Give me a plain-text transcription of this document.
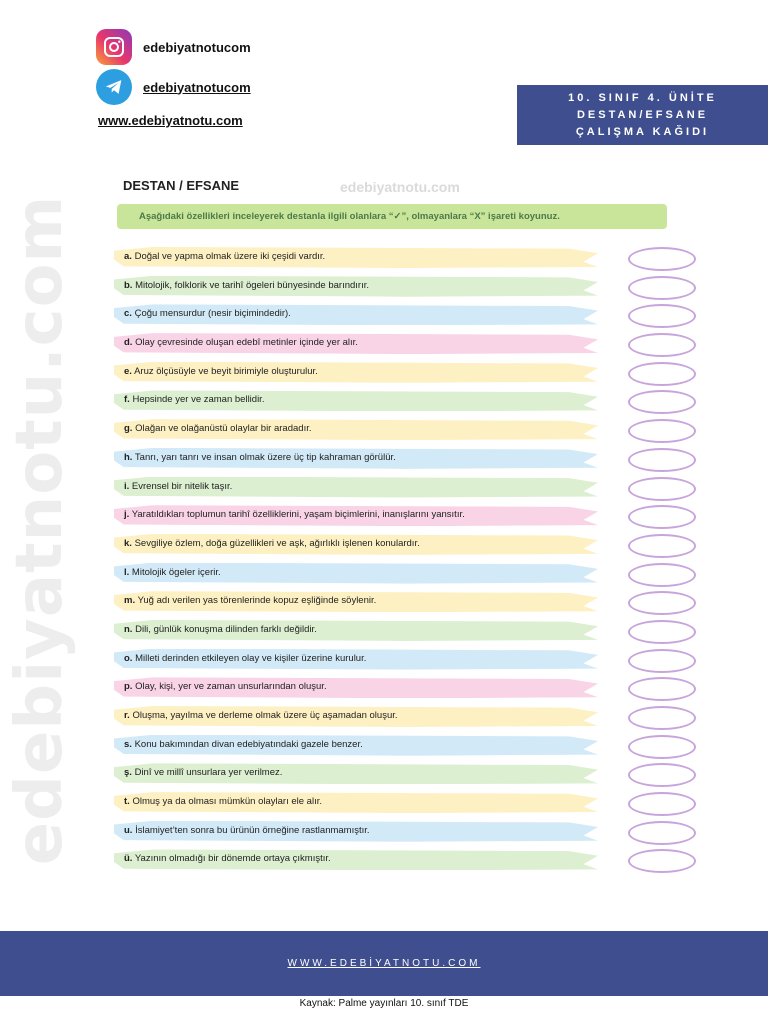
edebiyatnotu.com
edebiyatnotucom
edebiyatnotucom
www.edebiyatnotu.com
10. SINIF 4. ÜNİTE
DESTAN/EFSANE
ÇALIŞMA KAĞIDI
DESTAN / EFSANE	edebiyatnotu.com
Aşağıdaki özellikleri inceleyerek destanla ilgili olanlara “✓”, olmayanlara “X” işareti koyunuz.
a. Doğal ve yapma olmak üzere iki çeşidi vardır.
b. Mitolojik, folklorik ve tarihî ögeleri bünyesinde barındırır.
c. Çoğu mensurdur (nesir biçimindedir).
d. Olay çevresinde oluşan edebî metinler içinde yer alır.
e. Aruz ölçüsüyle ve beyit birimiyle oluşturulur.
f. Hepsinde yer ve zaman bellidir.
g. Olağan ve olağanüstü olaylar bir aradadır.
h. Tanrı, yarı tanrı ve insan olmak üzere üç tip kahraman görülür.
i. Evrensel bir nitelik taşır.
j. Yaratıldıkları toplumun tarihî özelliklerini, yaşam biçimlerini, inanışlarını yansıtır.
k. Sevgiliye özlem, doğa güzellikleri ve aşk, ağırlıklı işlenen konulardır.
l. Mitolojik ögeler içerir.
m. Yuğ adı verilen yas törenlerinde kopuz eşliğinde söylenir.
n. Dili, günlük konuşma dilinden farklı değildir.
o. Milleti derinden etkileyen olay ve kişiler üzerine kurulur.
p. Olay, kişi, yer ve zaman unsurlarından oluşur.
r. Oluşma, yayılma ve derleme olmak üzere üç aşamadan oluşur.
s. Konu bakımından divan edebiyatındaki gazele benzer.
ş. Dinî ve millî unsurlara yer verilmez.
t. Olmuş ya da olması mümkün olayları ele alır.
u. İslamiyet’ten sonra bu ürünün örneğine rastlanmamıştır.
ü. Yazının olmadığı bir dönemde ortaya çıkmıştır.
WWW.EDEBİYATNOTU.COM
Kaynak: Palme yayınları 10. sınıf TDE
